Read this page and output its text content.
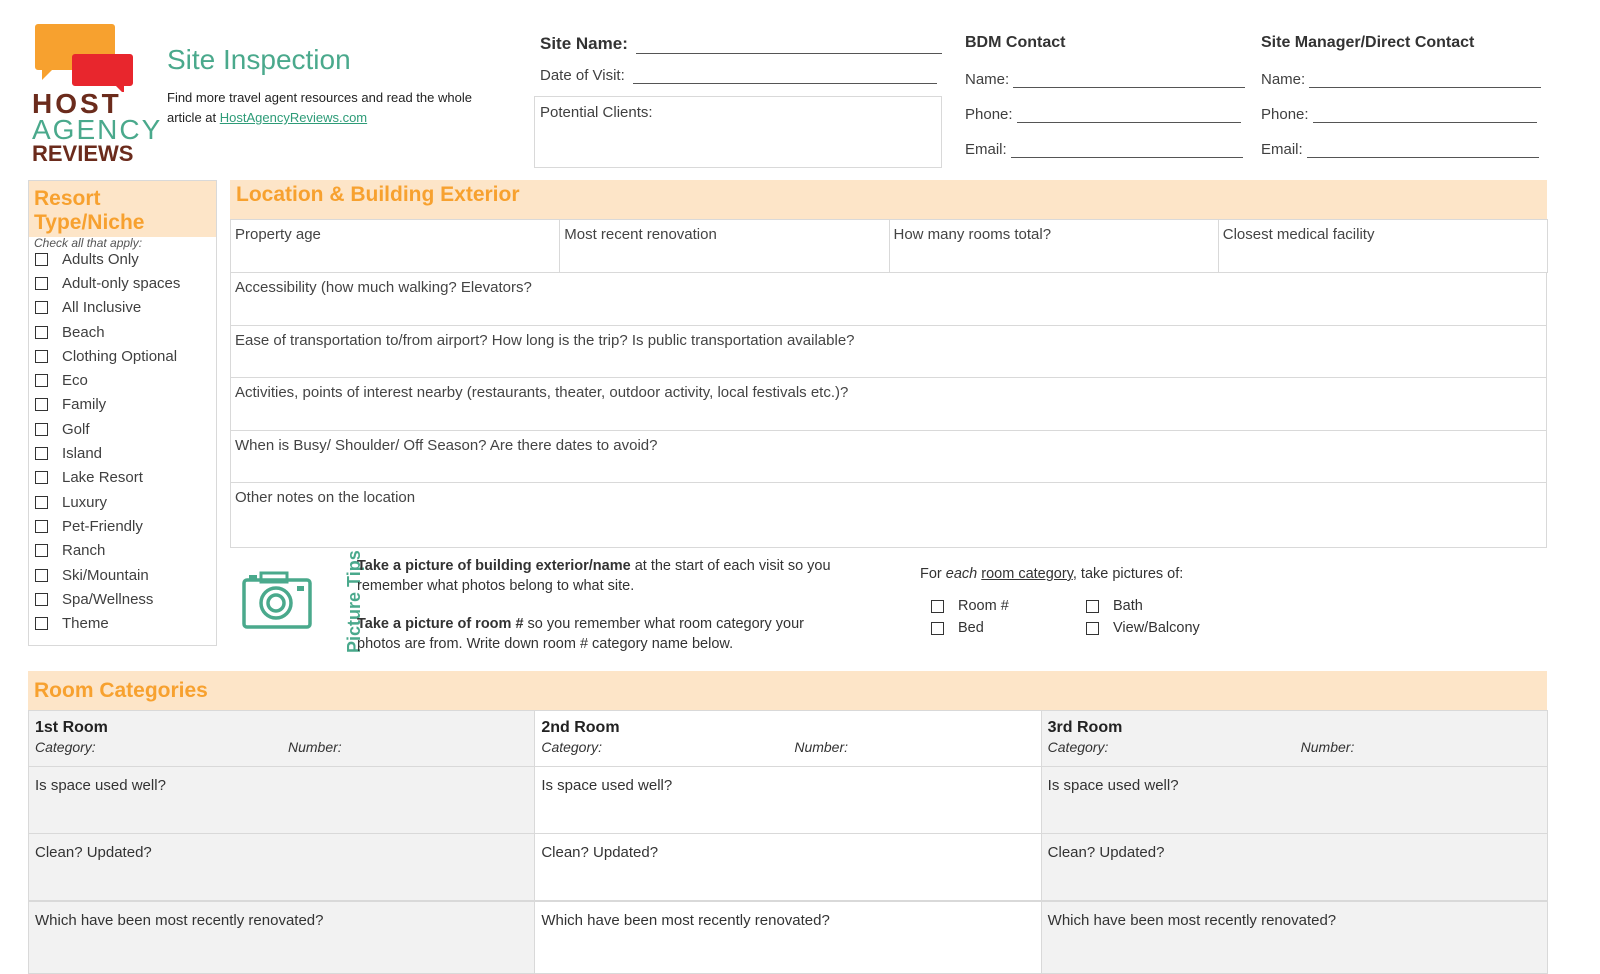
HOST
AGENCY
REVIEWS
Site Inspection
Find more travel agent resources and read the whole
article at HostAgencyReviews.com
Site Name:
Date of Visit:
Potential Clients:
BDM Contact
Name:
Phone:
Email:
Site Manager/Direct Contact
Name:
Phone:
Email:
Resort Type/Niche
Check all that apply:
Adults Only
Adult-only spaces
All Inclusive
Beach
Clothing Optional
Eco
Family
Golf
Island
Lake Resort
Luxury
Pet-Friendly
Ranch
Ski/Mountain
Spa/Wellness
Theme
Location & Building Exterior
Property age	Most recent renovation	How many rooms total?	Closest medical facility
Accessibility (how much walking? Elevators?
Ease of transportation to/from airport? How long is the trip? Is public transportation available?
Activities, points of interest nearby (restaurants, theater, outdoor activity, local festivals etc.)?
When is Busy/ Shoulder/ Off Season? Are there dates to avoid?
Other notes on the location
Picture Tips
Take a picture of building exterior/name at the start of each visit so you
remember what photos belong to what site.
Take a picture of room # so you remember what room category your
photos are from. Write down room # category name below.
For each room category, take pictures of:
Room #	Bath
Bed	View/Balcony
Room Categories
1st Room
Category:	Number:
Is space used well?
Clean? Updated?
Which have been most recently renovated?
2nd Room
Category:	Number:
Is space used well?
Clean? Updated?
Which have been most recently renovated?
3rd Room
Category:	Number:
Is space used well?
Clean? Updated?
Which have been most recently renovated?
